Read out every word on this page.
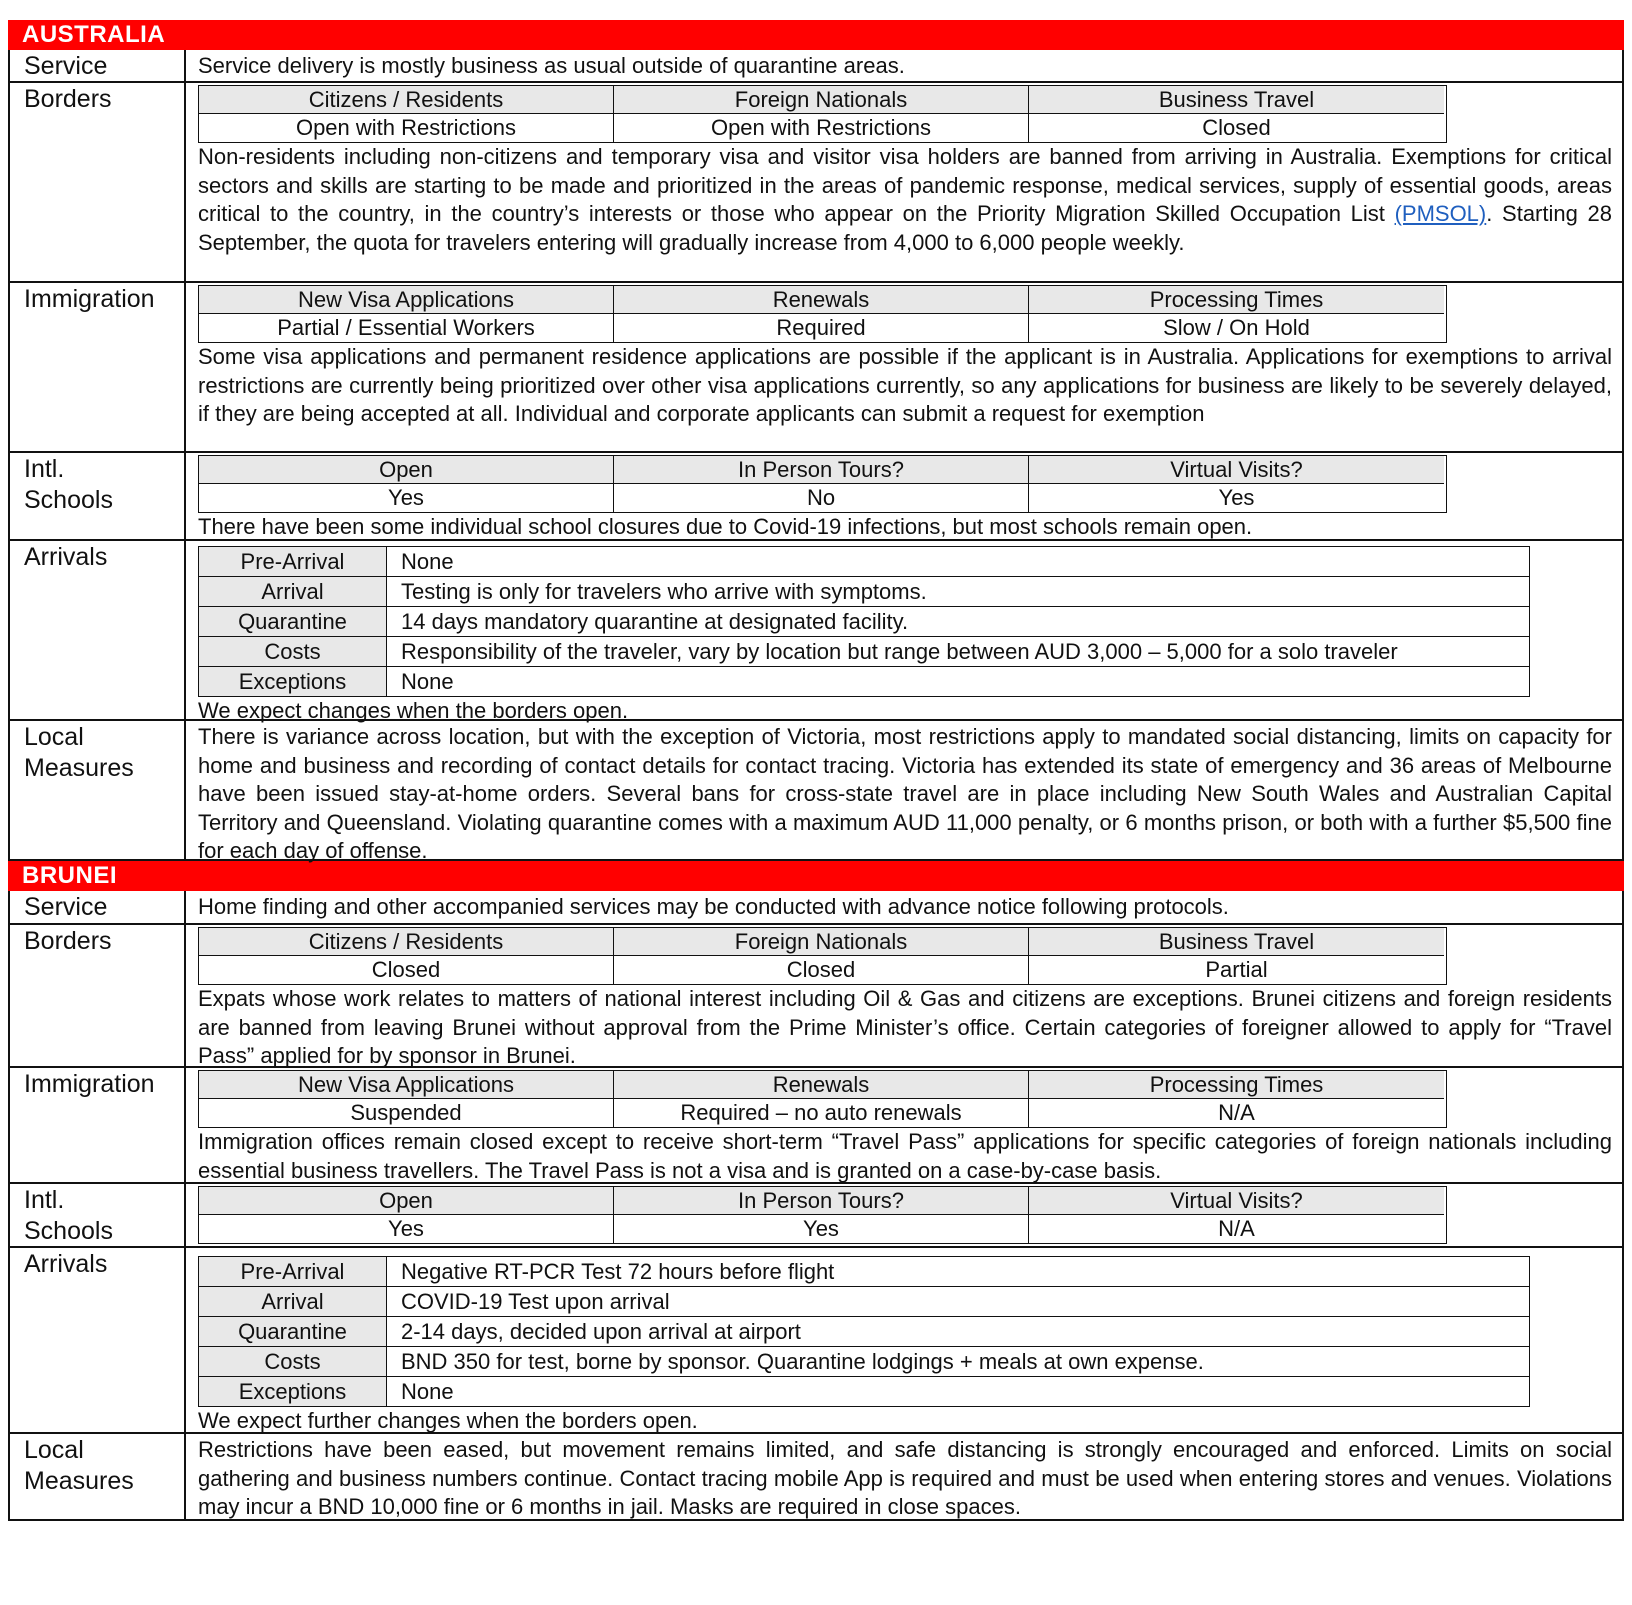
AUSTRALIA
Service	Service delivery is mostly business as usual outside of quarantine areas.
Borders	Citizens / Residents	Foreign Nationals	Business Travel
Open with Restrictions	Open with Restrictions	Closed
Non-residents including non-citizens and temporary visa and visitor visa holders are banned from arriving in Australia. Exemptions for critical sectors and skills are starting to be made and prioritized in the areas of pandemic response, medical services, supply of essential goods, areas critical to the country, in the country’s interests or those who appear on the Priority Migration Skilled Occupation List (PMSOL). Starting 28 September, the quota for travelers entering will gradually increase from 4,000 to 6,000 people weekly.
Immigration	New Visa Applications	Renewals	Processing Times
Partial / Essential Workers	Required	Slow / On Hold
Some visa applications and permanent residence applications are possible if the applicant is in Australia. Applications for exemptions to arrival restrictions are currently being prioritized over other visa applications currently, so any applications for business are likely to be severely delayed, if they are being accepted at all. Individual and corporate applicants can submit a request for exemption
Intl.
Schools
Open	In Person Tours?	Virtual Visits?
Yes	No	Yes
There have been some individual school closures due to Covid-19 infections, but most schools remain open.
Arrivals	Pre-Arrival	None
Arrival	Testing is only for travelers who arrive with symptoms.
Quarantine	14 days mandatory quarantine at designated facility.
Costs	Responsibility of the traveler, vary by location but range between AUD 3,000 – 5,000 for a solo traveler
Exceptions	None
We expect changes when the borders open.
Local
Measures
There is variance across location, but with the exception of Victoria, most restrictions apply to mandated social distancing, limits on capacity for home and business and recording of contact details for contact tracing. Victoria has extended its state of emergency and 36 areas of Melbourne have been issued stay-at-home orders. Several bans for cross-state travel are in place including New South Wales and Australian Capital Territory and Queensland. Violating quarantine comes with a maximum AUD 11,000 penalty, or 6 months prison, or both with a further $5,500 fine for each day of offense.
BRUNEI
Service	Home finding and other accompanied services may be conducted with advance notice following protocols.
Borders	Citizens / Residents	Foreign Nationals	Business Travel
Closed	Closed	Partial
Expats whose work relates to matters of national interest including Oil & Gas and citizens are exceptions. Brunei citizens and foreign residents are banned from leaving Brunei without approval from the Prime Minister’s office. Certain categories of foreigner allowed to apply for “Travel Pass” applied for by sponsor in Brunei.
Immigration	New Visa Applications	Renewals	Processing Times
Suspended	Required – no auto renewals	N/A
Immigration offices remain closed except to receive short-term “Travel Pass” applications for specific categories of foreign nationals including essential business travellers. The Travel Pass is not a visa and is granted on a case-by-case basis.
Intl.
Schools
Open	In Person Tours?	Virtual Visits?
Yes	Yes	N/A
Arrivals	Pre-Arrival	Negative RT-PCR Test 72 hours before flight
Arrival	COVID-19 Test upon arrival
Quarantine	2-14 days, decided upon arrival at airport
Costs	BND 350 for test, borne by sponsor. Quarantine lodgings + meals at own expense.
Exceptions	None
We expect further changes when the borders open.
Local
Measures
Restrictions have been eased, but movement remains limited, and safe distancing is strongly encouraged and enforced. Limits on social gathering and business numbers continue. Contact tracing mobile App is required and must be used when entering stores and venues. Violations may incur a BND 10,000 fine or 6 months in jail. Masks are required in close spaces.
